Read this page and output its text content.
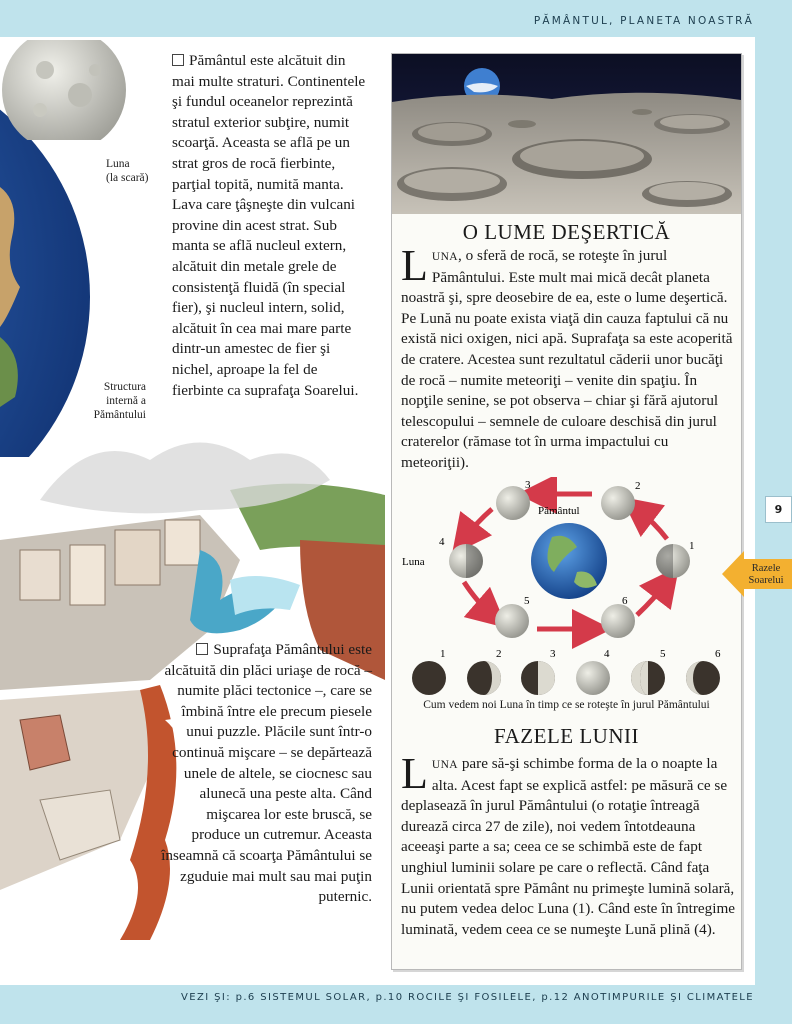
PĂMÂNTUL, PLANETA NOASTRĂ
Luna
(la scară)
Structura
internă a
Pământului
Pământul este alcătuit din mai multe straturi. Continentele şi fundul oceanelor reprezintă stratul exterior subţire, numit scoarţă. Aceasta se află pe un strat gros de rocă fierbinte, parţial topită, numită manta. Lava care ţâşneşte din vulcani provine din acest strat. Sub manta se află nucleul extern, alcătuit din metale grele de consistenţă fluidă (în special fier), şi nucleul intern, solid, alcătuit în cea mai mare parte dintr-un amestec de fier şi nichel, aproape la fel de fierbinte ca suprafaţa Soarelui.
Suprafaţa Pământului este alcătuită din plăci uriaşe de rocă – numite plăci tectonice –, care se îmbină între ele precum piesele unui puzzle. Plăcile sunt într-o continuă mişcare – se depărtează unele de altele, se ciocnesc sau alunecă una peste alta. Când mişcarea lor este bruscă, se produce un cutremur. Aceasta înseamnă că scoarţa Pământului se zguduie mai mult sau mai puţin puternic.
O LUME DEŞERTICĂ
LUNA, o sferă de rocă, se roteşte în jurul Pământului. Este mult mai mică decât planeta noastră şi, spre deosebire de ea, este o lume deşertică. Pe Lună nu poate exista viaţă din cauza faptului că nu există nici oxigen, nici apă. Suprafaţa sa este acoperită de cratere. Acestea sunt rezultatul căderii unor bucăţi de rocă – numite meteoriţi – venite din spaţiu. În nopţile senine, se pot observa – chiar şi fără ajutorul telescopului – semnele de culoare deschisă din jurul craterelor (rămase tot în urma impactului cu meteoriţii).
1
2
3
4
5	6
Pământul
Luna
1	2	3	4	5	6
Cum vedem noi Luna în timp ce se roteşte în jurul Pământului
FAZELE LUNII
LUNA pare să-şi schimbe forma de la o noapte la alta. Acest fapt se explică astfel: pe măsură ce se deplasează în jurul Pământului (o rotaţie întreagă durează circa 27 de zile), noi vedem întotdeauna aceeaşi parte a sa; ceea ce se schimbă este de fapt unghiul luminii solare pe care o reflectă. Când faţa Lunii orientată spre Pământ nu primeşte lumină solară, nu putem vedea deloc Luna (1). Când este în întregime luminată, vedem ceea ce se numeşte Lună plină (4).
9
Razele
Soarelui
VEZI ŞI: p.6 SISTEMUL SOLAR, p.10 ROCILE ŞI FOSILELE, p.12 ANOTIMPURILE ŞI CLIMATELE
